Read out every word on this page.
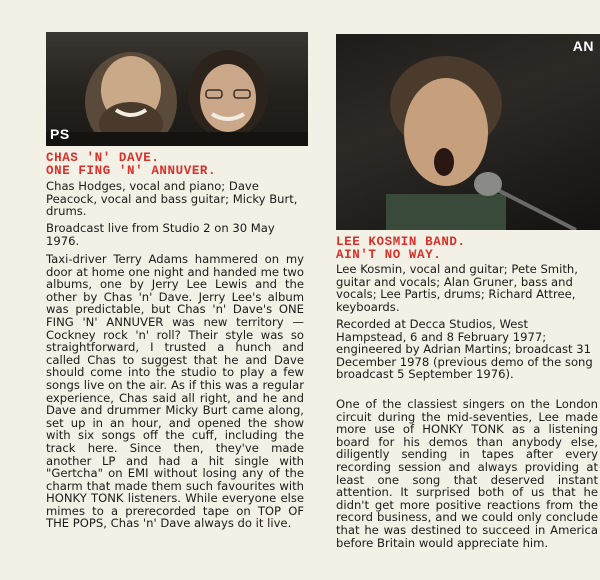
PS
CHAS 'N' DAVE.
ONE FING 'N' ANNUVER.

Chas Hodges, vocal and piano; Dave Peacock, vocal and bass guitar; Micky Burt, drums.

Broadcast live from Studio 2 on 30 May 1976.

Taxi-driver Terry Adams hammered on my door at home one night and handed me two albums, one by Jerry Lee Lewis and the other by Chas 'n' Dave. Jerry Lee's album was predictable, but Chas 'n' Dave's ONE FING 'N' ANNUVER was new territory — Cockney rock 'n' roll? Their style was so straightforward, I trusted a hunch and called Chas to suggest that he and Dave should come into the studio to play a few songs live on the air. As if this was a regular experience, Chas said all right, and he and Dave and drummer Micky Burt came along, set up in an hour, and opened the show with six songs off the cuff, including the track here. Since then, they've made another LP and had a hit single with "Gertcha" on EMI without losing any of the charm that made them such favourites with HONKY TONK listeners. While everyone else mimes to a prerecorded tape on TOP OF THE POPS, Chas 'n' Dave always do it live.

AN
LEE KOSMIN BAND.
AIN'T NO WAY.

Lee Kosmin, vocal and guitar; Pete Smith, guitar and vocals; Alan Gruner, bass and vocals; Lee Partis, drums; Richard Attree, keyboards.

Recorded at Decca Studios, West Hampstead, 6 and 8 February 1977; engineered by Adrian Martins; broadcast 31 December 1978 (previous demo of the song broadcast 5 September 1976).

One of the classiest singers on the London circuit during the mid-seventies, Lee made more use of HONKY TONK as a listening board for his demos than anybody else, diligently sending in tapes after every recording session and always providing at least one song that deserved instant attention. It surprised both of us that he didn't get more positive reactions from the record business, and we could only conclude that he was destined to succeed in America before Britain would appreciate him.
